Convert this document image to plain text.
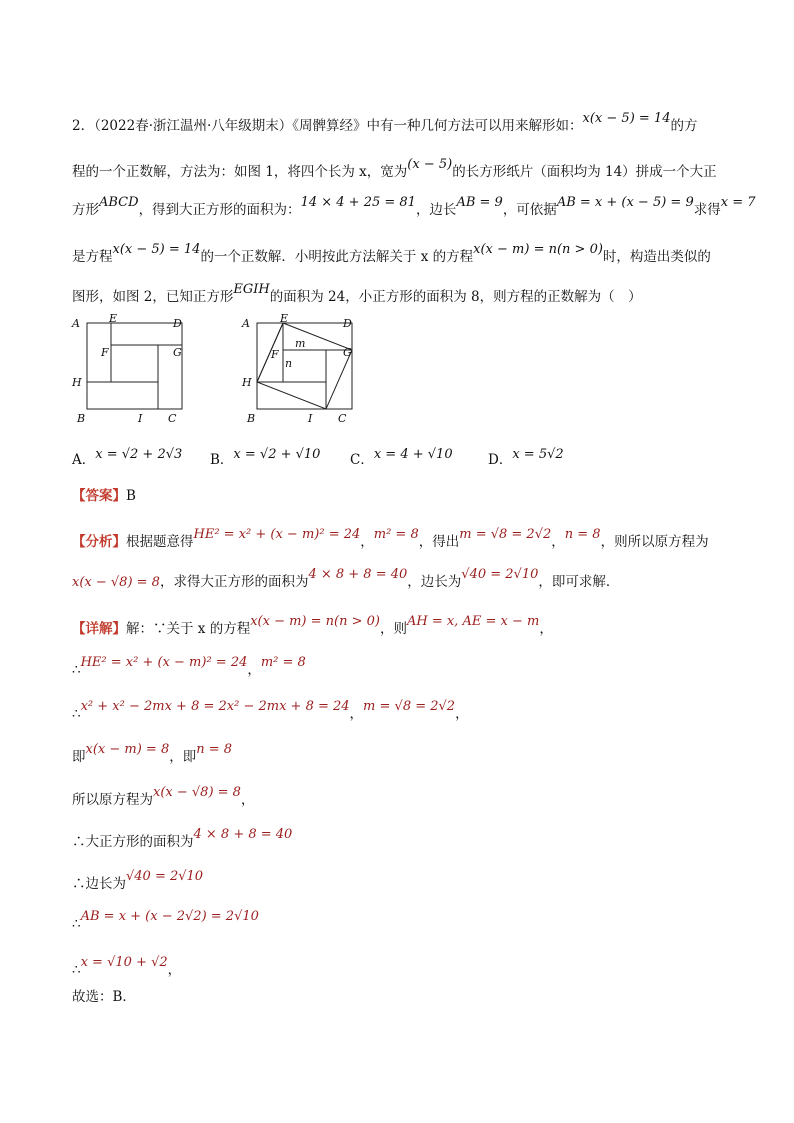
2．（2022春·浙江温州·八年级期末）《周髀算经》中有一种几何方法可以用来解形如：x(x − 5) = 14的方
程的一个正数解，方法为：如图 1，将四个长为 x，宽为(x − 5)的长方形纸片（面积均为 14）拼成一个大正
方形ABCD，得到大正方形的面积为：14 × 4 + 25 = 81，边长AB = 9，可依据AB = x + (x − 5) = 9求得x = 7
是方程x(x − 5) = 14的一个正数解．小明按此方法解关于 x 的方程x(x − m) = n(n > 0)时，构造出类似的
图形，如图 2，已知正方形EGIH的面积为 24，小正方形的面积为 8，则方程的正数解为（　）
A	E	D
F	G
H
B	I C
A	E	D
m
F	G
n
H
B	I C
A．x = √2 + 2√3 B．x = √2 + √10 C．x = 4 + √10	D．x = 5√2
【答案】B
【分析】根据题意得HE² = x² + (x − m)² = 24，m² = 8，得出m = √8 = 2√2，n = 8，则所以原方程为
x(x − √8) = 8，求得大正方形的面积为4 × 8 + 8 = 40，边长为√40 = 2√10，即可求解．
【详解】解：∵关于 x 的方程x(x − m) = n(n > 0)，则AH = x, AE = x − m，
∴HE² = x² + (x − m)² = 24，m² = 8
∴x² + x² − 2mx + 8 = 2x² − 2mx + 8 = 24，m = √8 = 2√2，
即x(x − m) = 8，即n = 8
所以原方程为x(x − √8) = 8，
∴大正方形的面积为4 × 8 + 8 = 40
∴边长为√40 = 2√10
∴AB = x + (x − 2√2) = 2√10
∴x = √10 + √2，
故选：B．
